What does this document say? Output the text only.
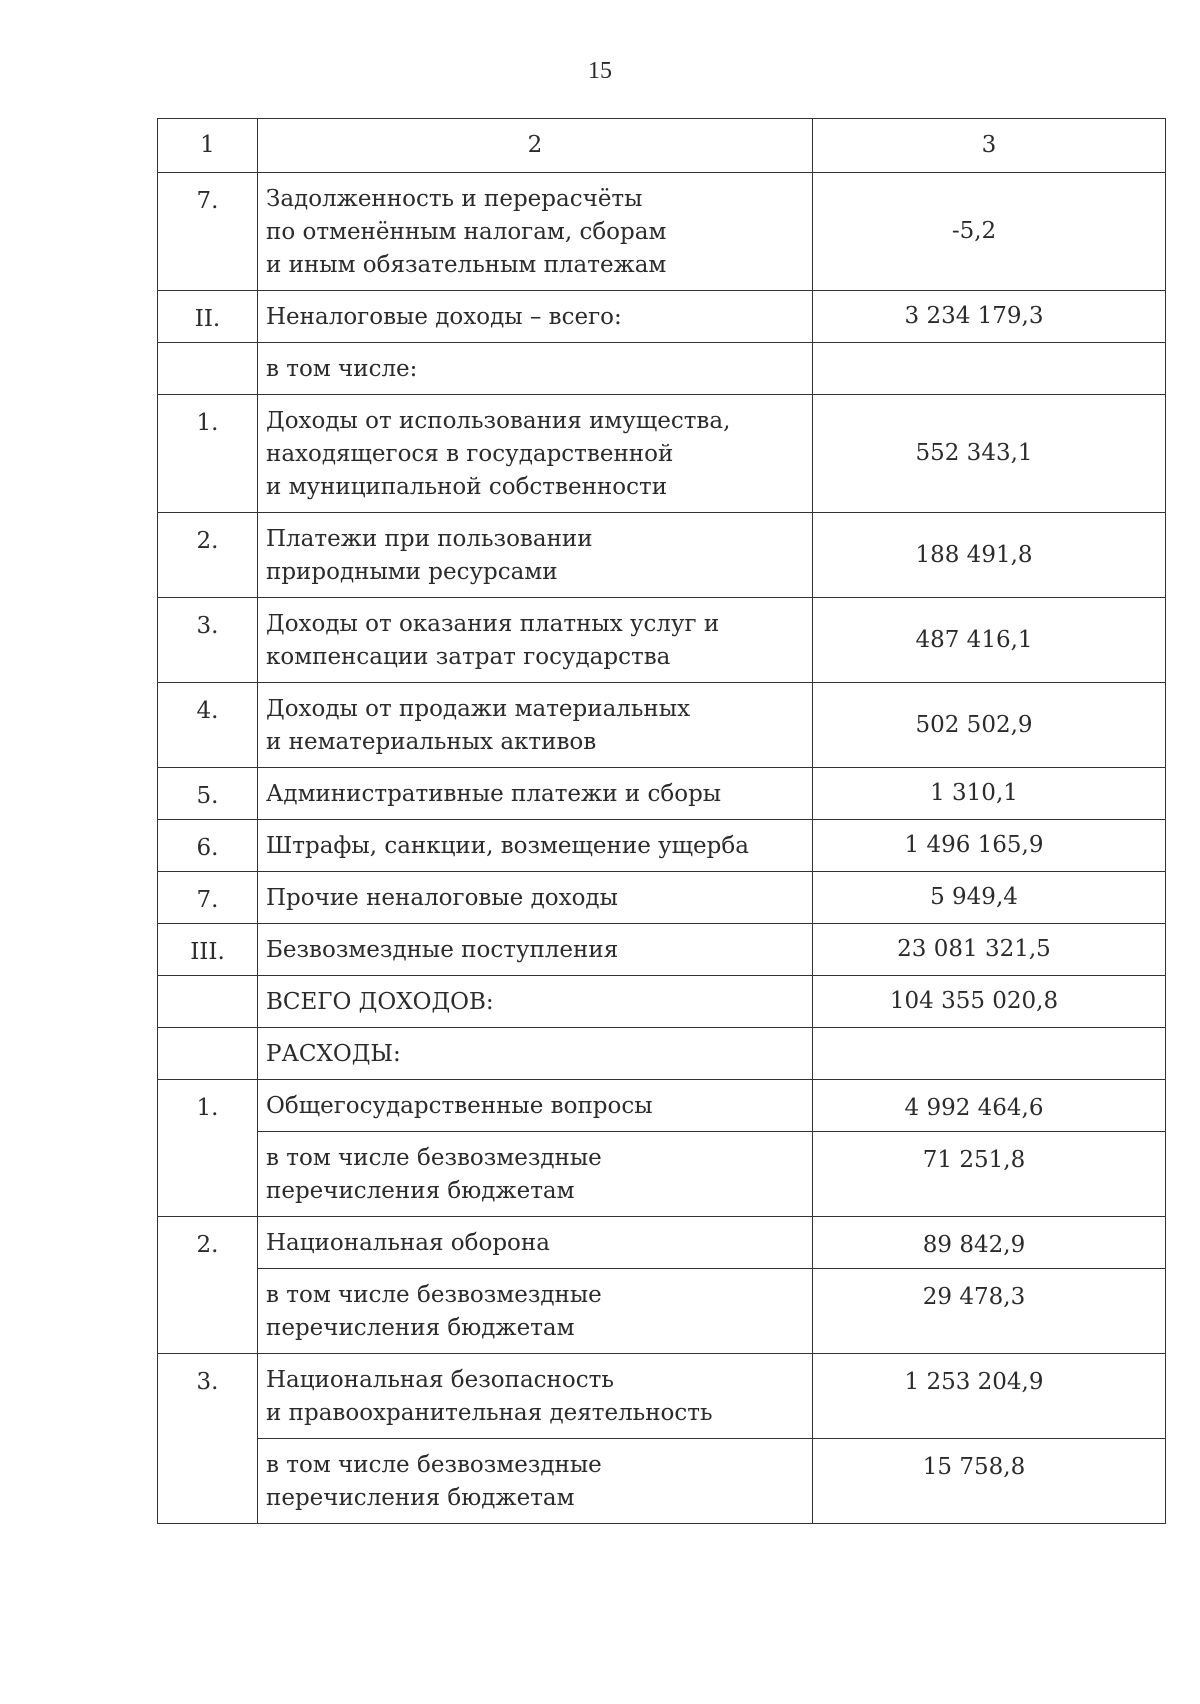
15
1	2	3
7.	Задолженность и перерасчёты
по отменённым налогам, сборам
и иным обязательным платежам	-5,2
II.	Неналоговые доходы – всего:	3 234 179,3
	в том числе:	
1.	Доходы от использования имущества,
находящегося в государственной
и муниципальной собственности	552 343,1
2.	Платежи при пользовании
природными ресурсами	188 491,8
3.	Доходы от оказания платных услуг и
компенсации затрат государства	487 416,1
4.	Доходы от продажи материальных
и нематериальных активов	502 502,9
5.	Административные платежи и сборы	1 310,1
6.	Штрафы, санкции, возмещение ущерба	1 496 165,9
7.	Прочие неналоговые доходы	5 949,4
III.	Безвозмездные поступления	23 081 321,5
	ВСЕГО ДОХОДОВ:	104 355 020,8
	РАСХОДЫ:	
1.	Общегосударственные вопросы	4 992 464,6
	в том числе безвозмездные
перечисления бюджетам	71 251,8
2.	Национальная оборона	89 842,9
	в том числе безвозмездные
перечисления бюджетам	29 478,3
3.	Национальная безопасность
и правоохранительная деятельность	1 253 204,9
	в том числе безвозмездные
перечисления бюджетам	15 758,8
